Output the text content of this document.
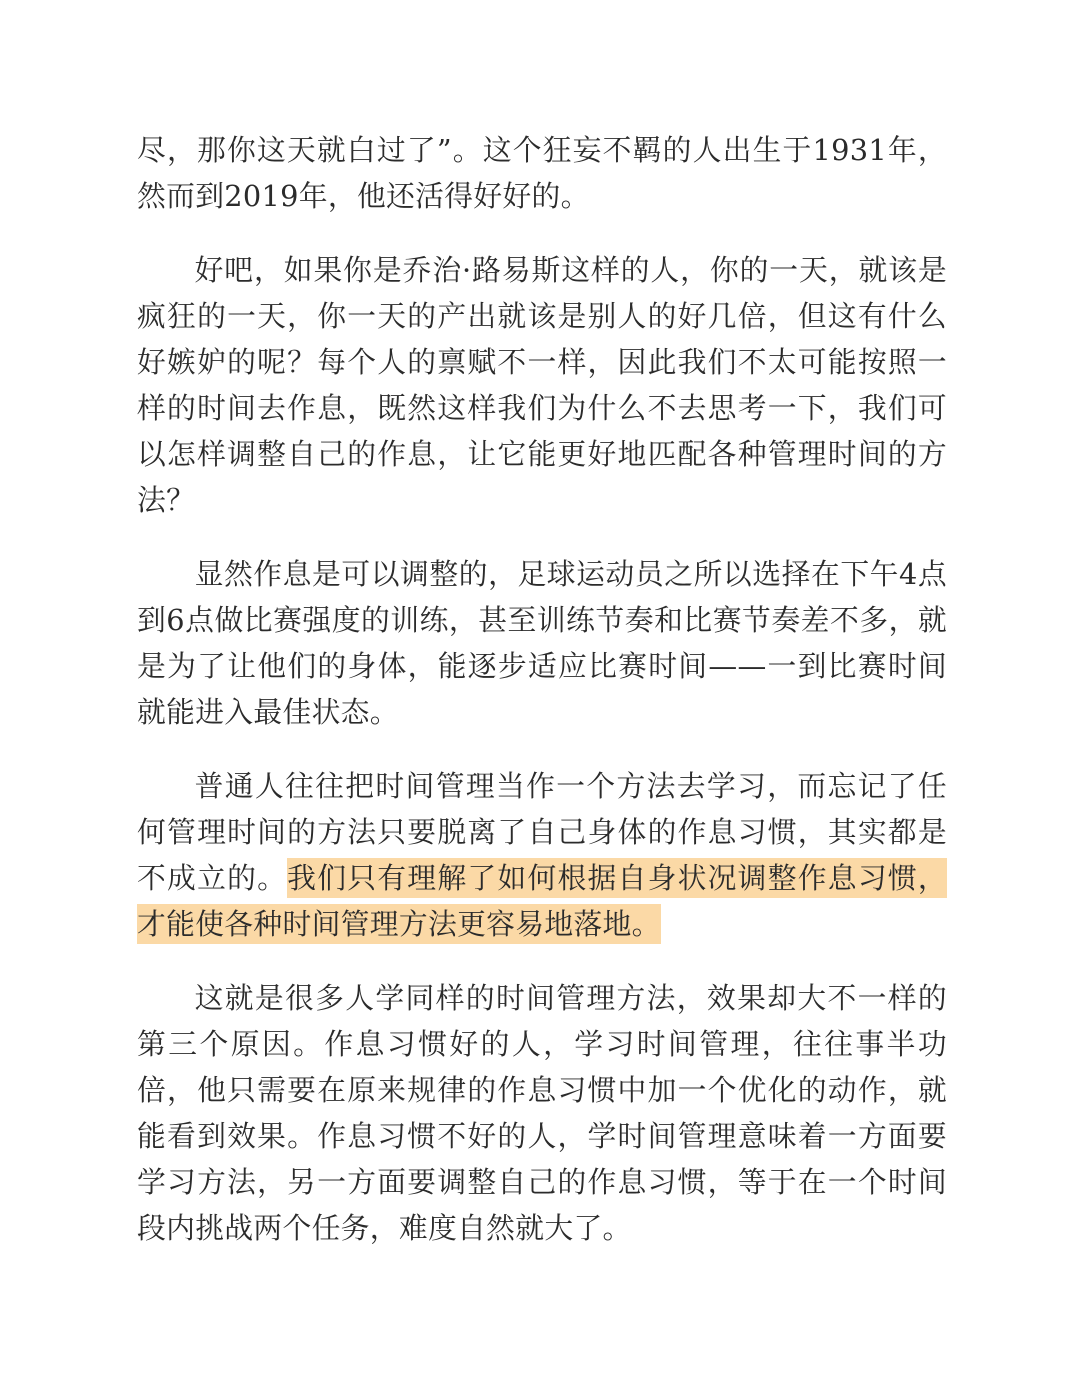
尽，那你这天就白过了”。这个狂妄不羁的人出生于1931年，然而到2019年，他还活得好好的。

好吧，如果你是乔治·路易斯这样的人，你的一天，就该是疯狂的一天，你一天的产出就该是别人的好几倍，但这有什么好嫉妒的呢？每个人的禀赋不一样，因此我们不太可能按照一样的时间去作息，既然这样我们为什么不去思考一下，我们可以怎样调整自己的作息，让它能更好地匹配各种管理时间的方法？

显然作息是可以调整的，足球运动员之所以选择在下午4点到6点做比赛强度的训练，甚至训练节奏和比赛节奏差不多，就是为了让他们的身体，能逐步适应比赛时间——一到比赛时间就能进入最佳状态。

普通人往往把时间管理当作一个方法去学习，而忘记了任何管理时间的方法只要脱离了自己身体的作息习惯，其实都是不成立的。我们只有理解了如何根据自身状况调整作息习惯，才能使各种时间管理方法更容易地落地。

这就是很多人学同样的时间管理方法，效果却大不一样的第三个原因。作息习惯好的人，学习时间管理，往往事半功倍，他只需要在原来规律的作息习惯中加一个优化的动作，就能看到效果。作息习惯不好的人，学时间管理意味着一方面要学习方法，另一方面要调整自己的作息习惯，等于在一个时间段内挑战两个任务，难度自然就大了。
